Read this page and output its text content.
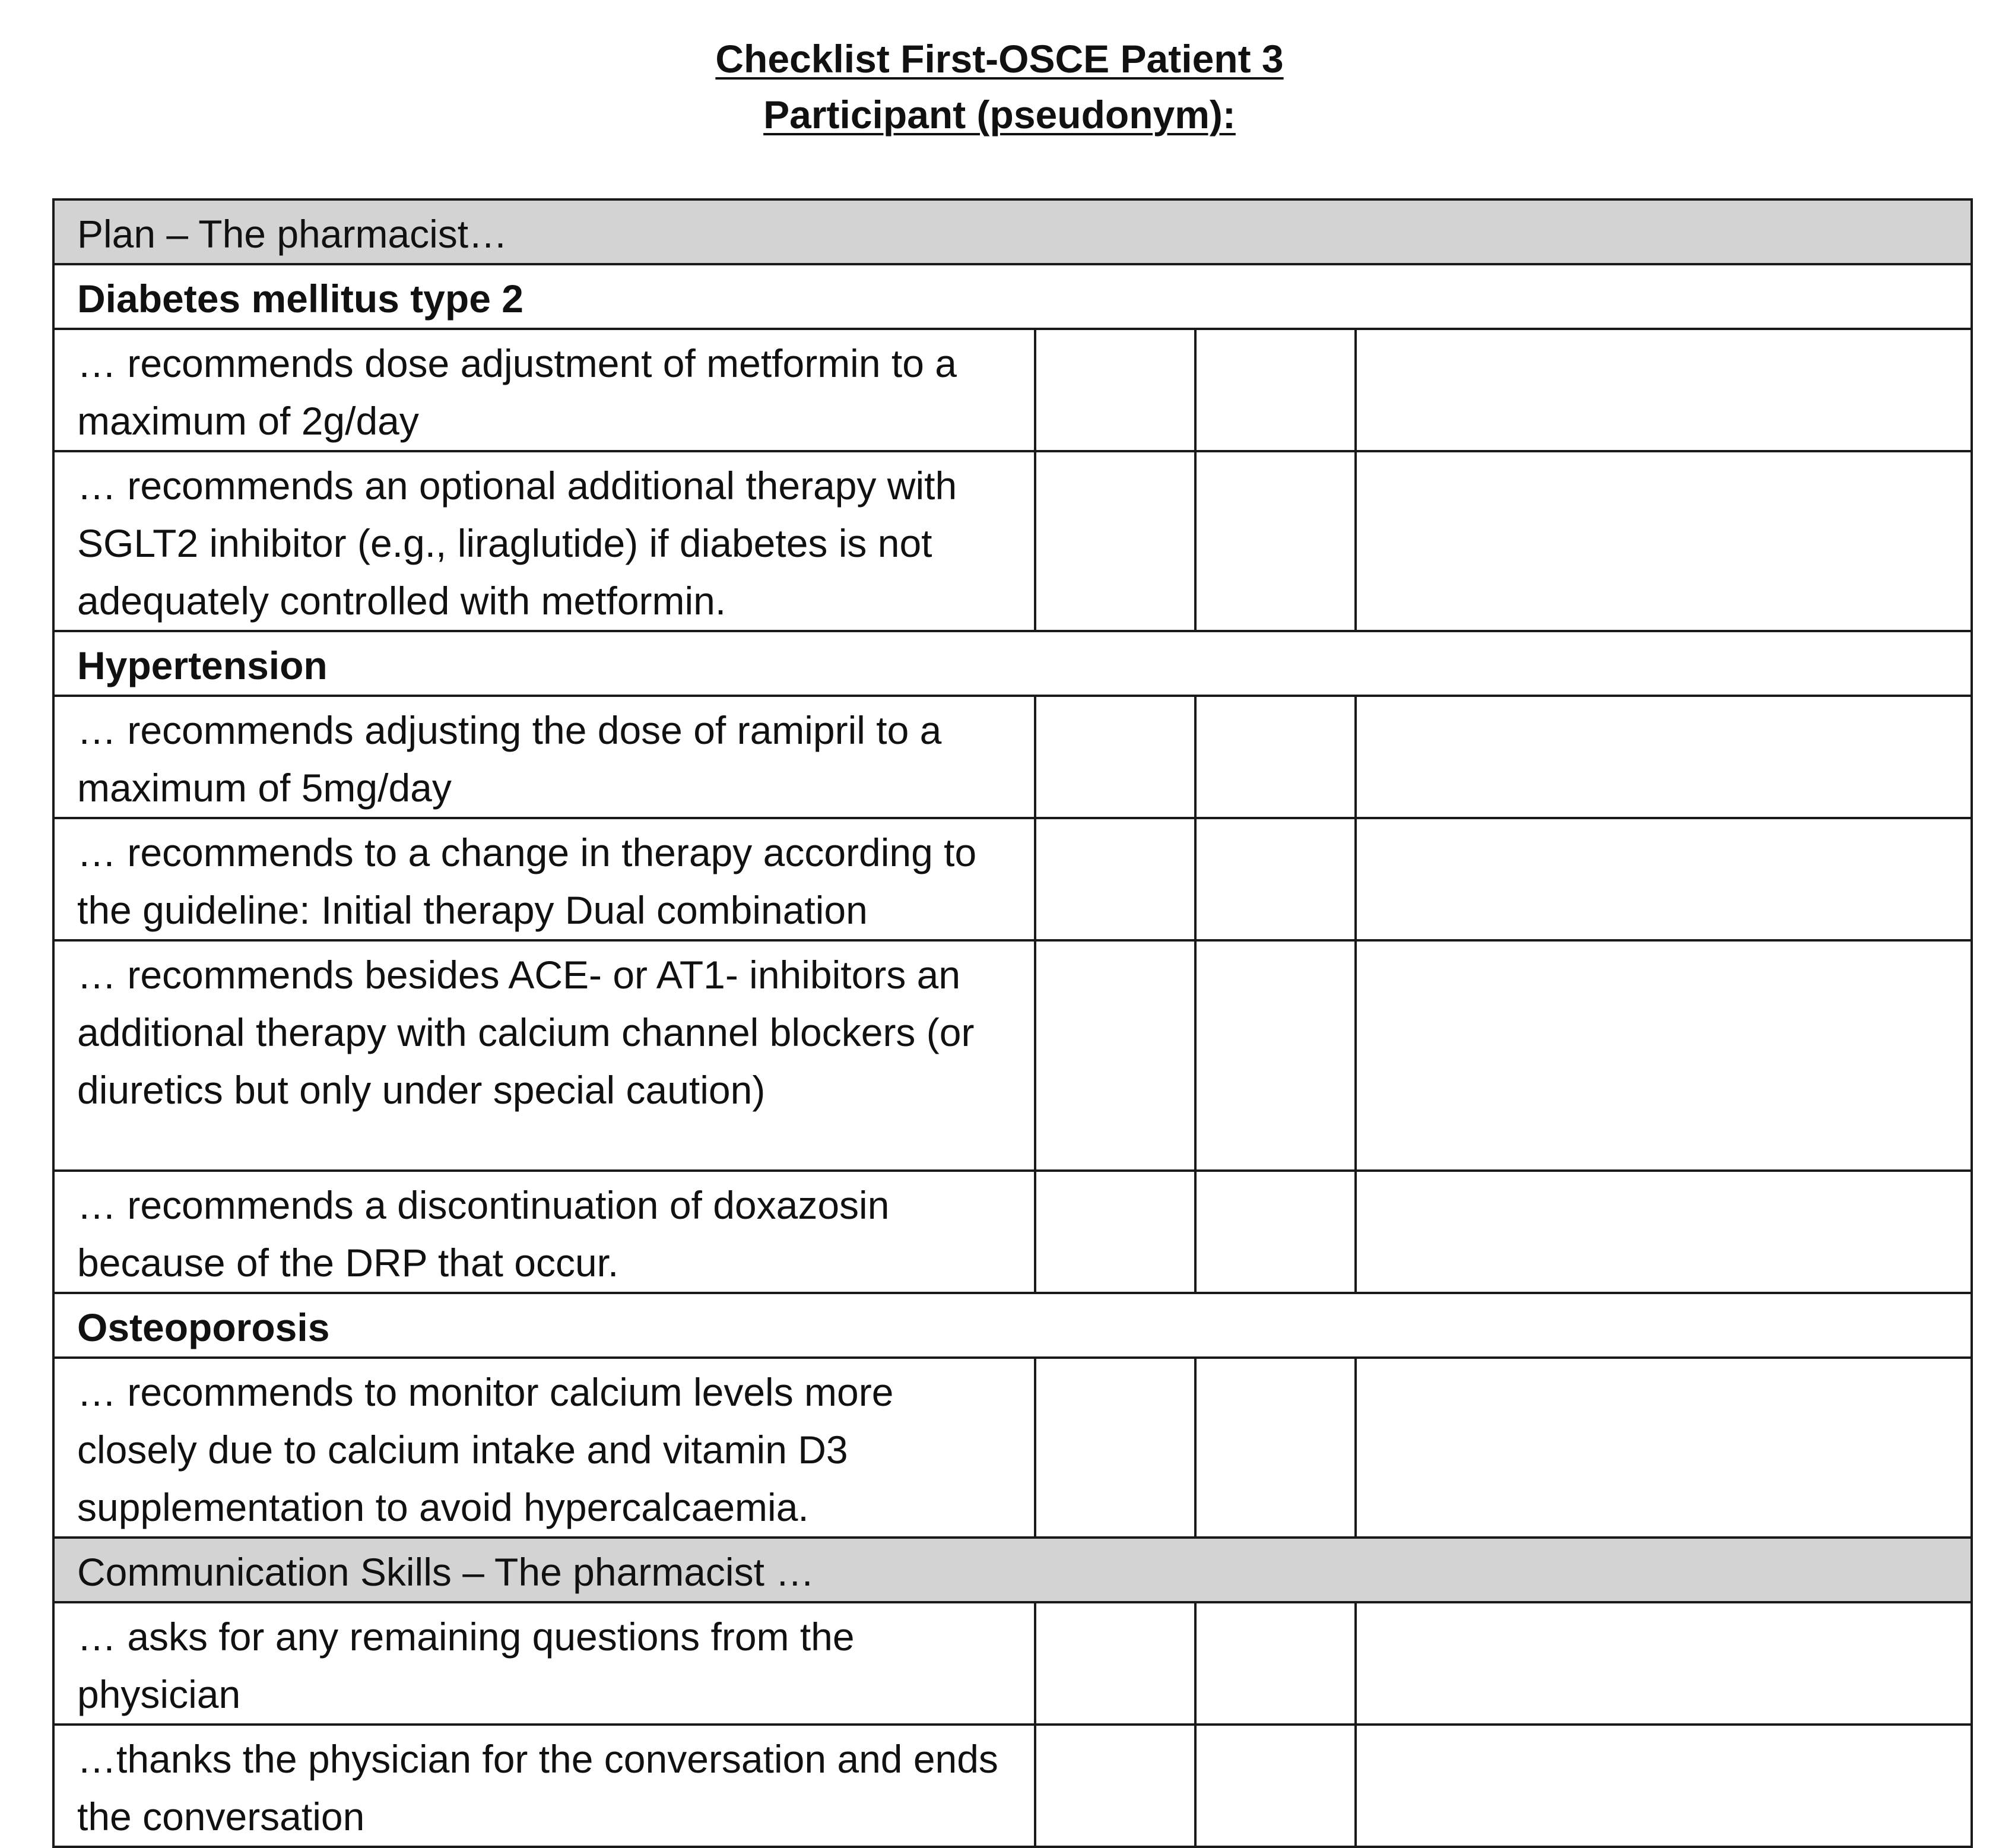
Checklist First-OSCE Patient 3
Participant (pseudonym):
Plan – The pharmacist…			
Diabetes mellitus type 2			
… recommends dose adjustment of metformin to a maximum of 2g/day			
… recommends an optional additional therapy with SGLT2 inhibitor (e.g., liraglutide) if diabetes is not adequately controlled with metformin.			
Hypertension			
… recommends adjusting the dose of ramipril to a maximum of 5mg/day			
… recommends to a change in therapy according to the guideline: Initial therapy Dual combination			
… recommends besides ACE- or AT1- inhibitors an additional therapy with calcium channel blockers (or diuretics but only under special caution)			
… recommends a discontinuation of doxazosin because of the DRP that occur.			
Osteoporosis			
… recommends to monitor calcium levels more closely due to calcium intake and vitamin D3 supplementation to avoid hypercalcaemia.			
Communication Skills – The pharmacist …			
… asks for any remaining questions from the physician			
…thanks the physician for the conversation and ends the conversation			
